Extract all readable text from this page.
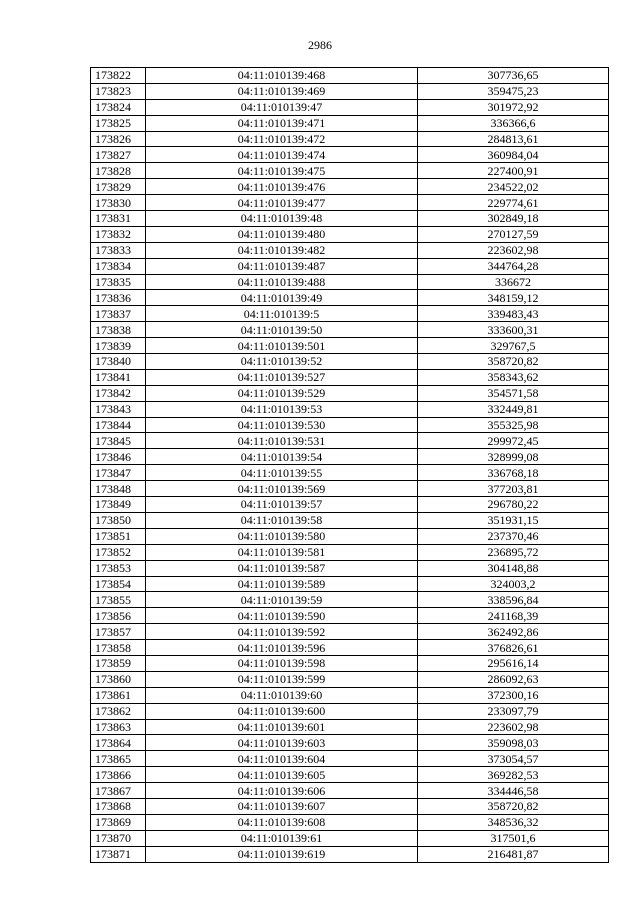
2986
173822	04:11:010139:468	307736,65
173823	04:11:010139:469	359475,23
173824	04:11:010139:47	301972,92
173825	04:11:010139:471	336366,6
173826	04:11:010139:472	284813,61
173827	04:11:010139:474	360984,04
173828	04:11:010139:475	227400,91
173829	04:11:010139:476	234522,02
173830	04:11:010139:477	229774,61
173831	04:11:010139:48	302849,18
173832	04:11:010139:480	270127,59
173833	04:11:010139:482	223602,98
173834	04:11:010139:487	344764,28
173835	04:11:010139:488	336672
173836	04:11:010139:49	348159,12
173837	04:11:010139:5	339483,43
173838	04:11:010139:50	333600,31
173839	04:11:010139:501	329767,5
173840	04:11:010139:52	358720,82
173841	04:11:010139:527	358343,62
173842	04:11:010139:529	354571,58
173843	04:11:010139:53	332449,81
173844	04:11:010139:530	355325,98
173845	04:11:010139:531	299972,45
173846	04:11:010139:54	328999,08
173847	04:11:010139:55	336768,18
173848	04:11:010139:569	377203,81
173849	04:11:010139:57	296780,22
173850	04:11:010139:58	351931,15
173851	04:11:010139:580	237370,46
173852	04:11:010139:581	236895,72
173853	04:11:010139:587	304148,88
173854	04:11:010139:589	324003,2
173855	04:11:010139:59	338596,84
173856	04:11:010139:590	241168,39
173857	04:11:010139:592	362492,86
173858	04:11:010139:596	376826,61
173859	04:11:010139:598	295616,14
173860	04:11:010139:599	286092,63
173861	04:11:010139:60	372300,16
173862	04:11:010139:600	233097,79
173863	04:11:010139:601	223602,98
173864	04:11:010139:603	359098,03
173865	04:11:010139:604	373054,57
173866	04:11:010139:605	369282,53
173867	04:11:010139:606	334446,58
173868	04:11:010139:607	358720,82
173869	04:11:010139:608	348536,32
173870	04:11:010139:61	317501,6
173871	04:11:010139:619	216481,87
